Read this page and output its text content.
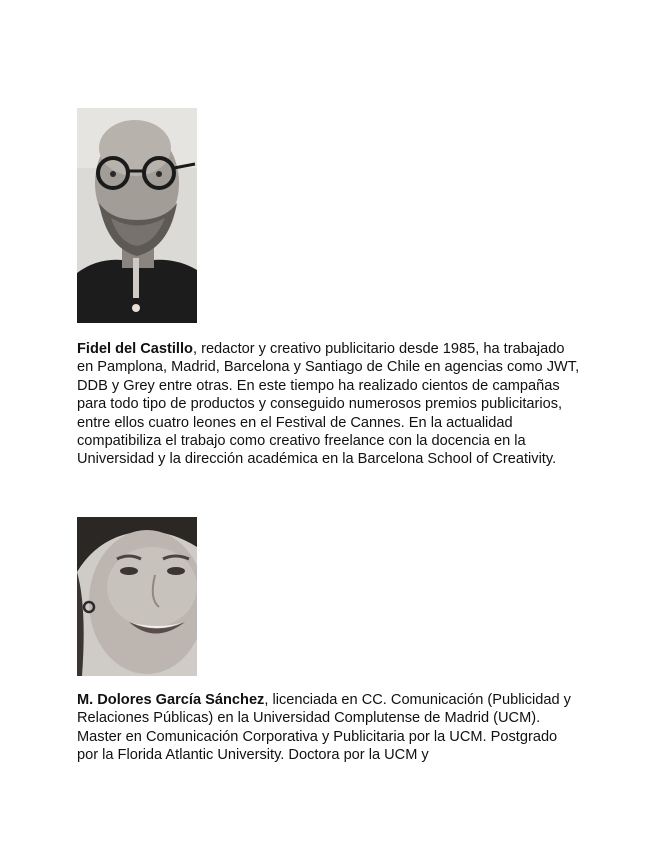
Fidel del Castillo, redactor y creativo publicitario desde 1985, ha trabajado en Pamplona, Madrid, Barcelona y Santiago de Chile en agencias como JWT, DDB y Grey entre otras. En este tiempo ha realizado cientos de campañas para todo tipo de productos y conseguido numerosos premios publicitarios, entre ellos cuatro leones en el Festival de Cannes. En la actualidad compatibiliza el trabajo como creativo freelance con la docencia en la Universidad y la dirección académica en la Barcelona School of Creativity.

M. Dolores García Sánchez, licenciada en CC. Comunicación (Publicidad y Relaciones Públicas) en la Universidad Complutense de Madrid (UCM). Master en Comunicación Corporativa y Publicitaria por la UCM. Postgrado por la Florida Atlantic University. Doctora por la UCM y
